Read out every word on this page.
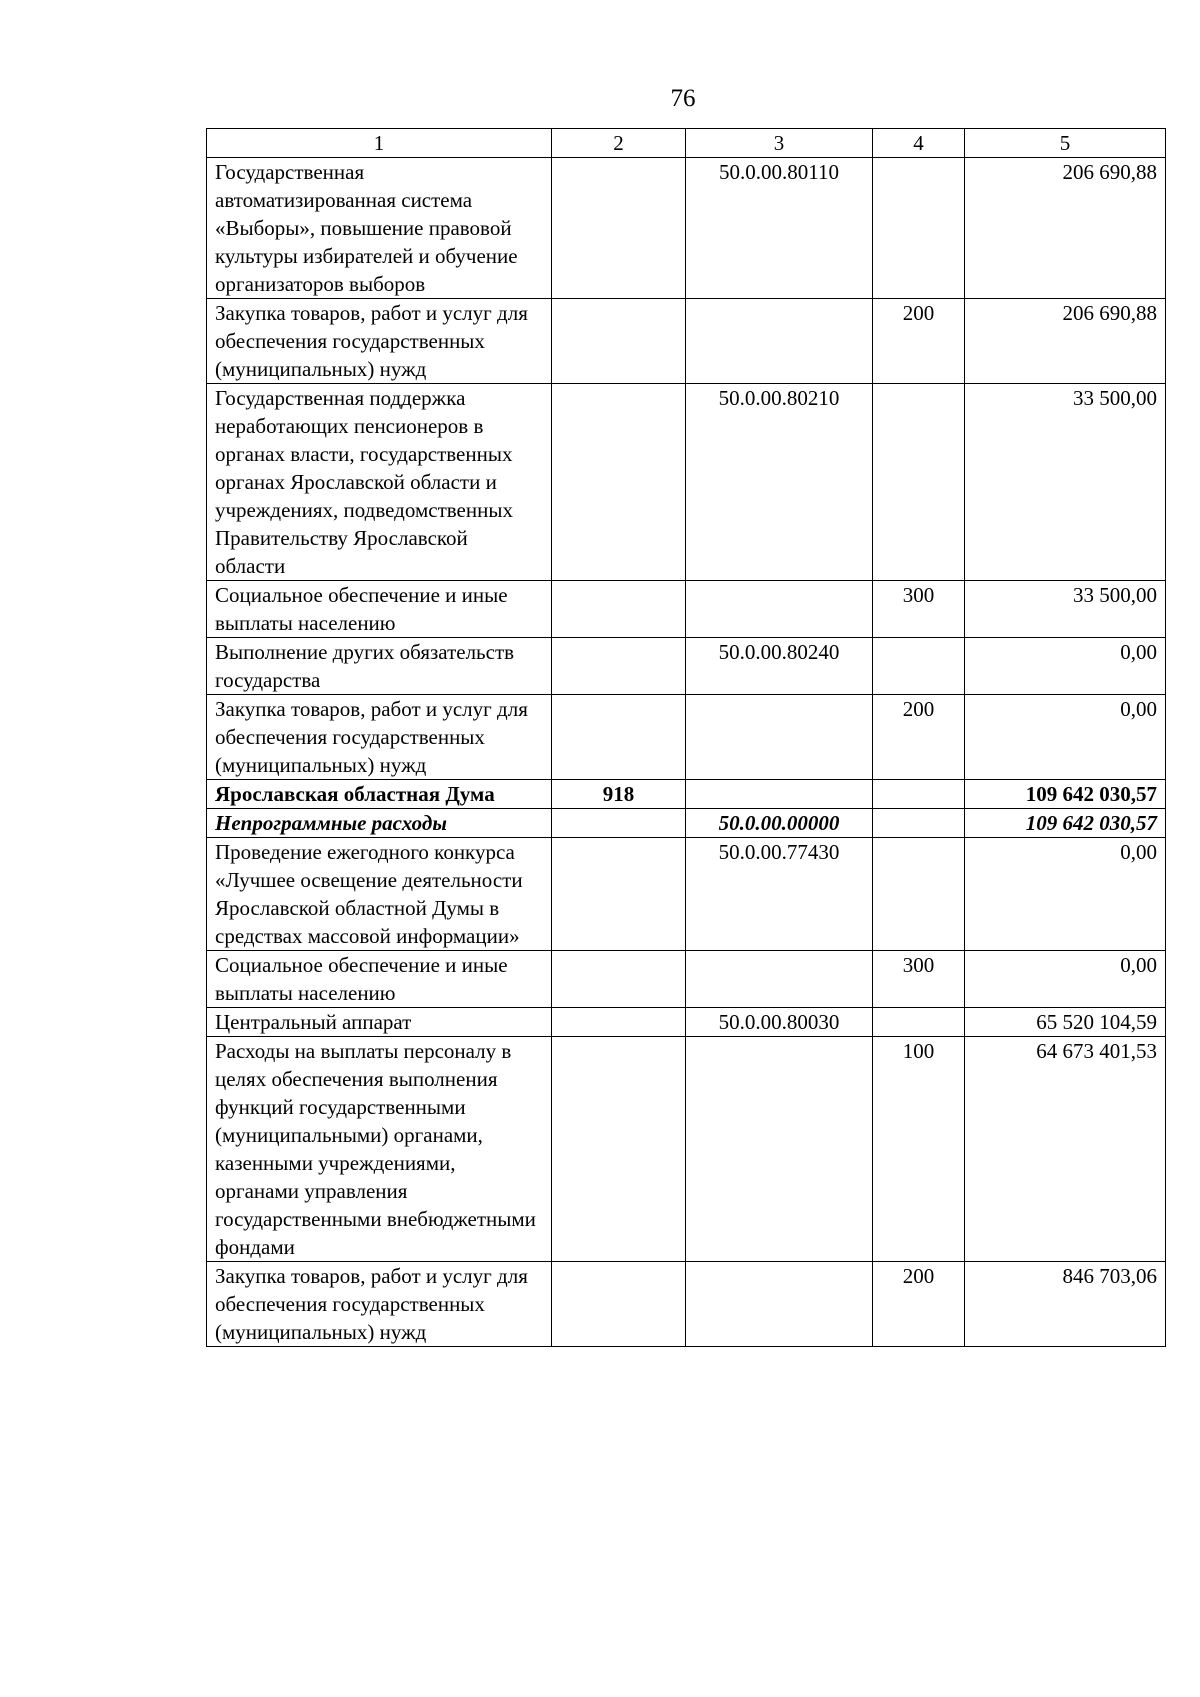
76
1	2	3	4	5
Государственная автоматизированная система «Выборы», повышение правовой культуры избирателей и обучение организаторов выборов		50.0.00.80110		206 690,88
Закупка товаров, работ и услуг для обеспечения государственных (муниципальных) нужд			200	206 690,88
Государственная поддержка неработающих пенсионеров в органах власти, государственных органах Ярославской области и учреждениях, подведомственных Правительству Ярославской области		50.0.00.80210		33 500,00
Социальное обеспечение и иные выплаты населению			300	33 500,00
Выполнение других обязательств государства		50.0.00.80240		0,00
Закупка товаров, работ и услуг для обеспечения государственных (муниципальных) нужд			200	0,00
Ярославская областная Дума	918			109 642 030,57
Непрограммные расходы		50.0.00.00000		109 642 030,57
Проведение ежегодного конкурса «Лучшее освещение деятельности Ярославской областной Думы в средствах массовой информации»		50.0.00.77430		0,00
Социальное обеспечение и иные выплаты населению			300	0,00
Центральный аппарат		50.0.00.80030		65 520 104,59
Расходы на выплаты персоналу в целях обеспечения выполнения функций государственными (муниципальными) органами, казенными учреждениями, органами управления государственными внебюджетными фондами			100	64 673 401,53
Закупка товаров, работ и услуг для обеспечения государственных (муниципальных) нужд			200	846 703,06
